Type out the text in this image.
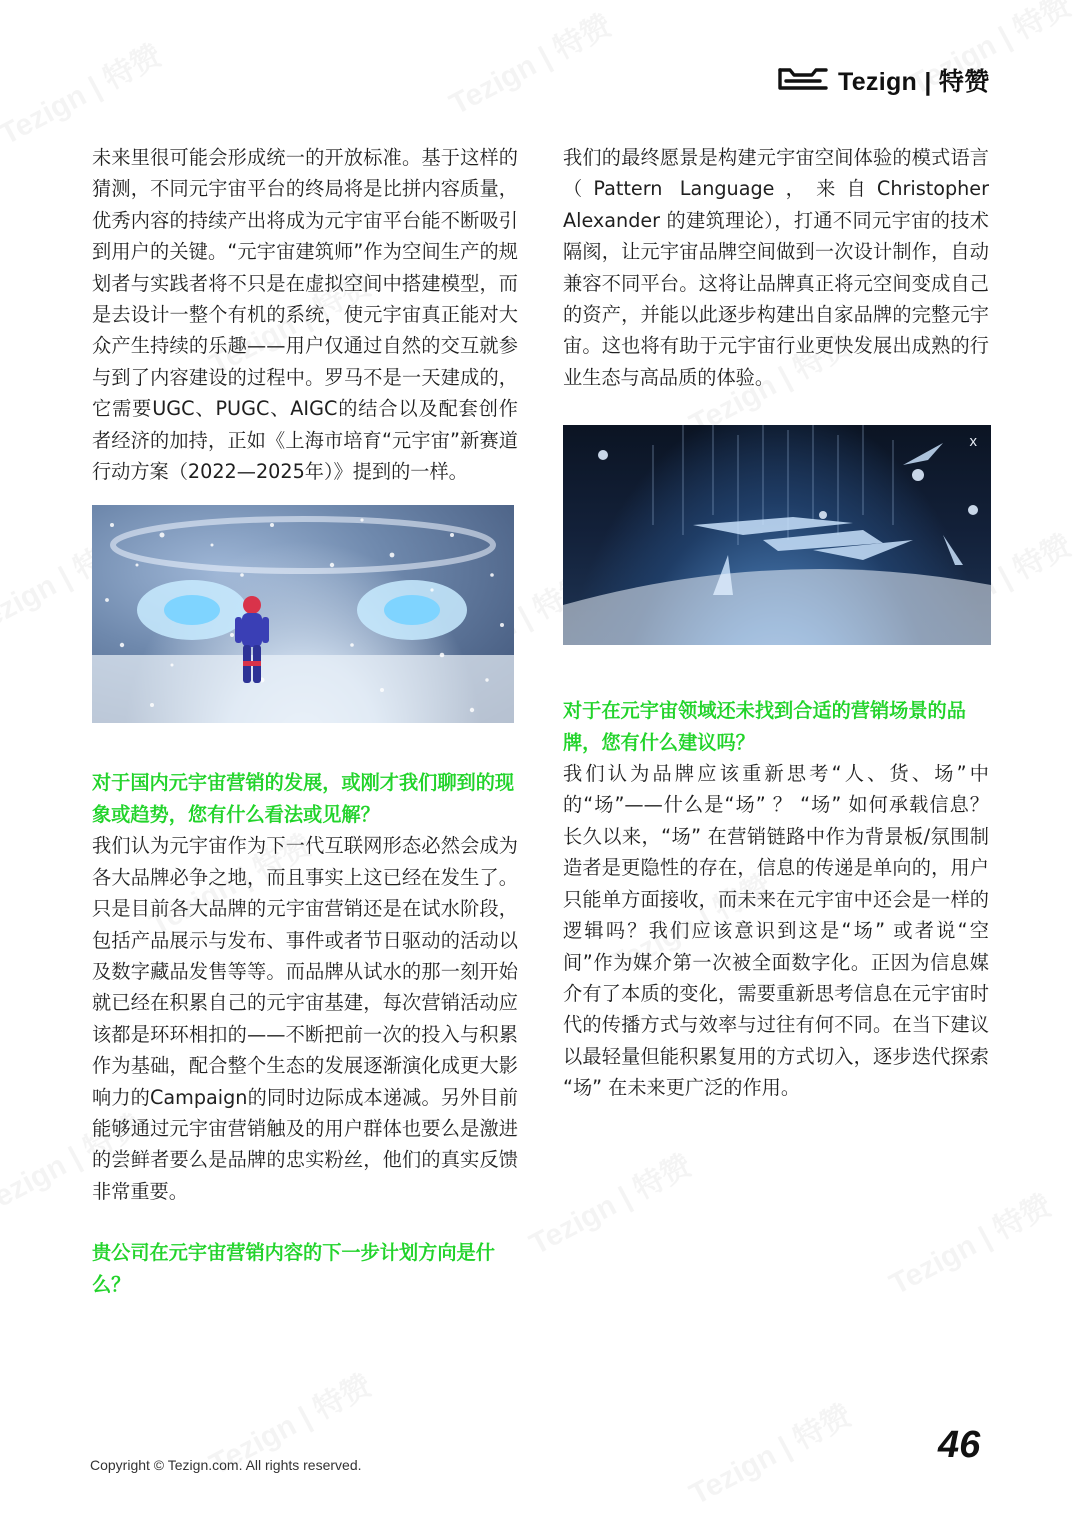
Tezign | 特赞

未来里很可能会形成统一的开放标准。基于这样的猜测，不同元宇宙平台的终局将是比拼内容质量，优秀内容的持续产出将成为元宇宙平台能不断吸引到用户的关键。“元宇宙建筑师”作为空间生产的规划者与实践者将不只是在虚拟空间中搭建模型，而是去设计一整个有机的系统，使元宇宙真正能对大众产生持续的乐趣——用户仅通过自然的交互就参与到了内容建设的过程中。罗马不是一天建成的，它需要UGC、PUGC、AIGC的结合以及配套创作者经济的加持，正如《上海市培育“元宇宙”新赛道行动方案（2022—2025年）》提到的一样。

对于国内元宇宙营销的发展，或刚才我们聊到的现象或趋势，您有什么看法或见解？

我们认为元宇宙作为下一代互联网形态必然会成为各大品牌必争之地，而且事实上这已经在发生了。 只是目前各大品牌的元宇宙营销还是在试水阶段，包括产品展示与发布、事件或者节日驱动的活动以及数字藏品发售等等。而品牌从试水的那一刻开始就已经在积累自己的元宇宙基建，每次营销活动应该都是环环相扣的——不断把前一次的投入与积累作为基础，配合整个生态的发展逐渐演化成更大影响力的Campaign的同时边际成本递减。另外目前能够通过元宇宙营销触及的用户群体也要么是激进的尝鲜者要么是品牌的忠实粉丝，他们的真实反馈非常重要。

贵公司在元宇宙营销内容的下一步计划方向是什么？

我们的最终愿景是构建元宇宙空间体验的模式语言（Pattern Language，来自Christopher Alexander 的建筑理论），打通不同元宇宙的技术隔阂，让元宇宙品牌空间做到一次设计制作，自动兼容不同平台。这将让品牌真正将元空间变成自己的资产，并能以此逐步构建出自家品牌的完整元宇宙。这也将有助于元宇宙行业更快发展出成熟的行业生态与高品质的体验。

x

对于在元宇宙领域还未找到合适的营销场景的品牌，您有什么建议吗？

我们认为品牌应该重新思考“人、货、场”中的“场”——什么是“场” ？ “场” 如何承载信息？ 长久以来，“场” 在营销链路中作为背景板/氛围制造者是更隐性的存在，信息的传递是单向的，用户只能单方面接收，而未来在元宇宙中还会是一样的逻辑吗？我们应该意识到这是“场” 或者说“空间”作为媒介第一次被全面数字化。正因为信息媒介有了本质的变化，需要重新思考信息在元宇宙时代的传播方式与效率与过往有何不同。在当下建议以最轻量但能积累复用的方式切入，逐步迭代探索 “场” 在未来更广泛的作用。

Copyright © Tezign.com. All rights reserved.	46
